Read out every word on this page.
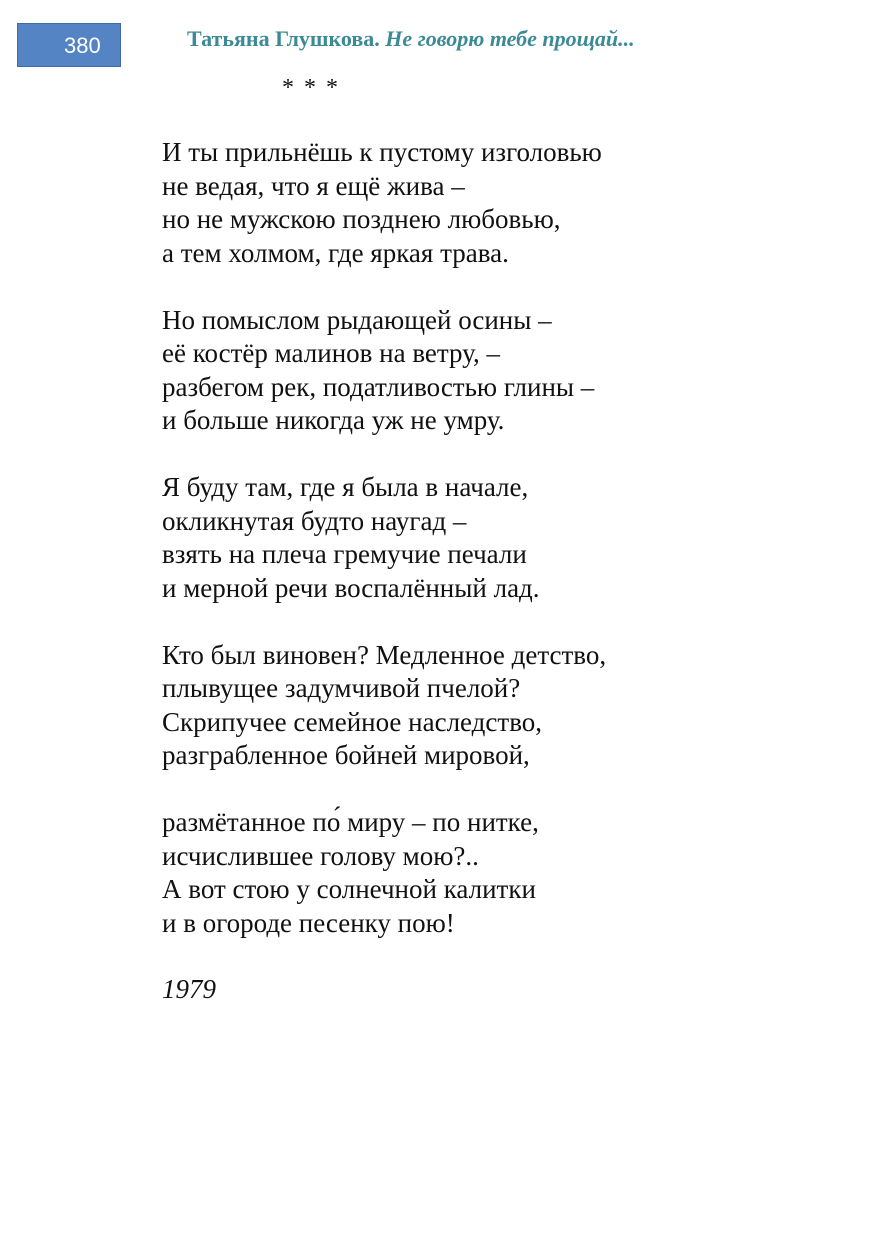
380	Татьяна Глушкова. Не говорю тебе прощай...
* * *
И ты прильнёшь к пустому изголовью
не ведая, что я ещё жива –
но не мужскою позднею любовью,
а тем холмом, где яркая трава.
Но помыслом рыдающей осины –
её костёр малинов на ветру, –
разбегом рек, податливостью глины –
и больше никогда уж не умру.
Я буду там, где я была в начале,
окликнутая будто наугад –
взять на плеча гремучие печали
и мерной речи воспалённый лад.
Кто был виновен? Медленное детство,
плывущее задумчивой пчелой?
Скрипучее семейное наследство,
разграбленное бойней мировой,
размётанное по́ миру – по нитке,
исчислившее голову мою?..
А вот стою у солнечной калитки
и в огороде песенку пою!
1979
